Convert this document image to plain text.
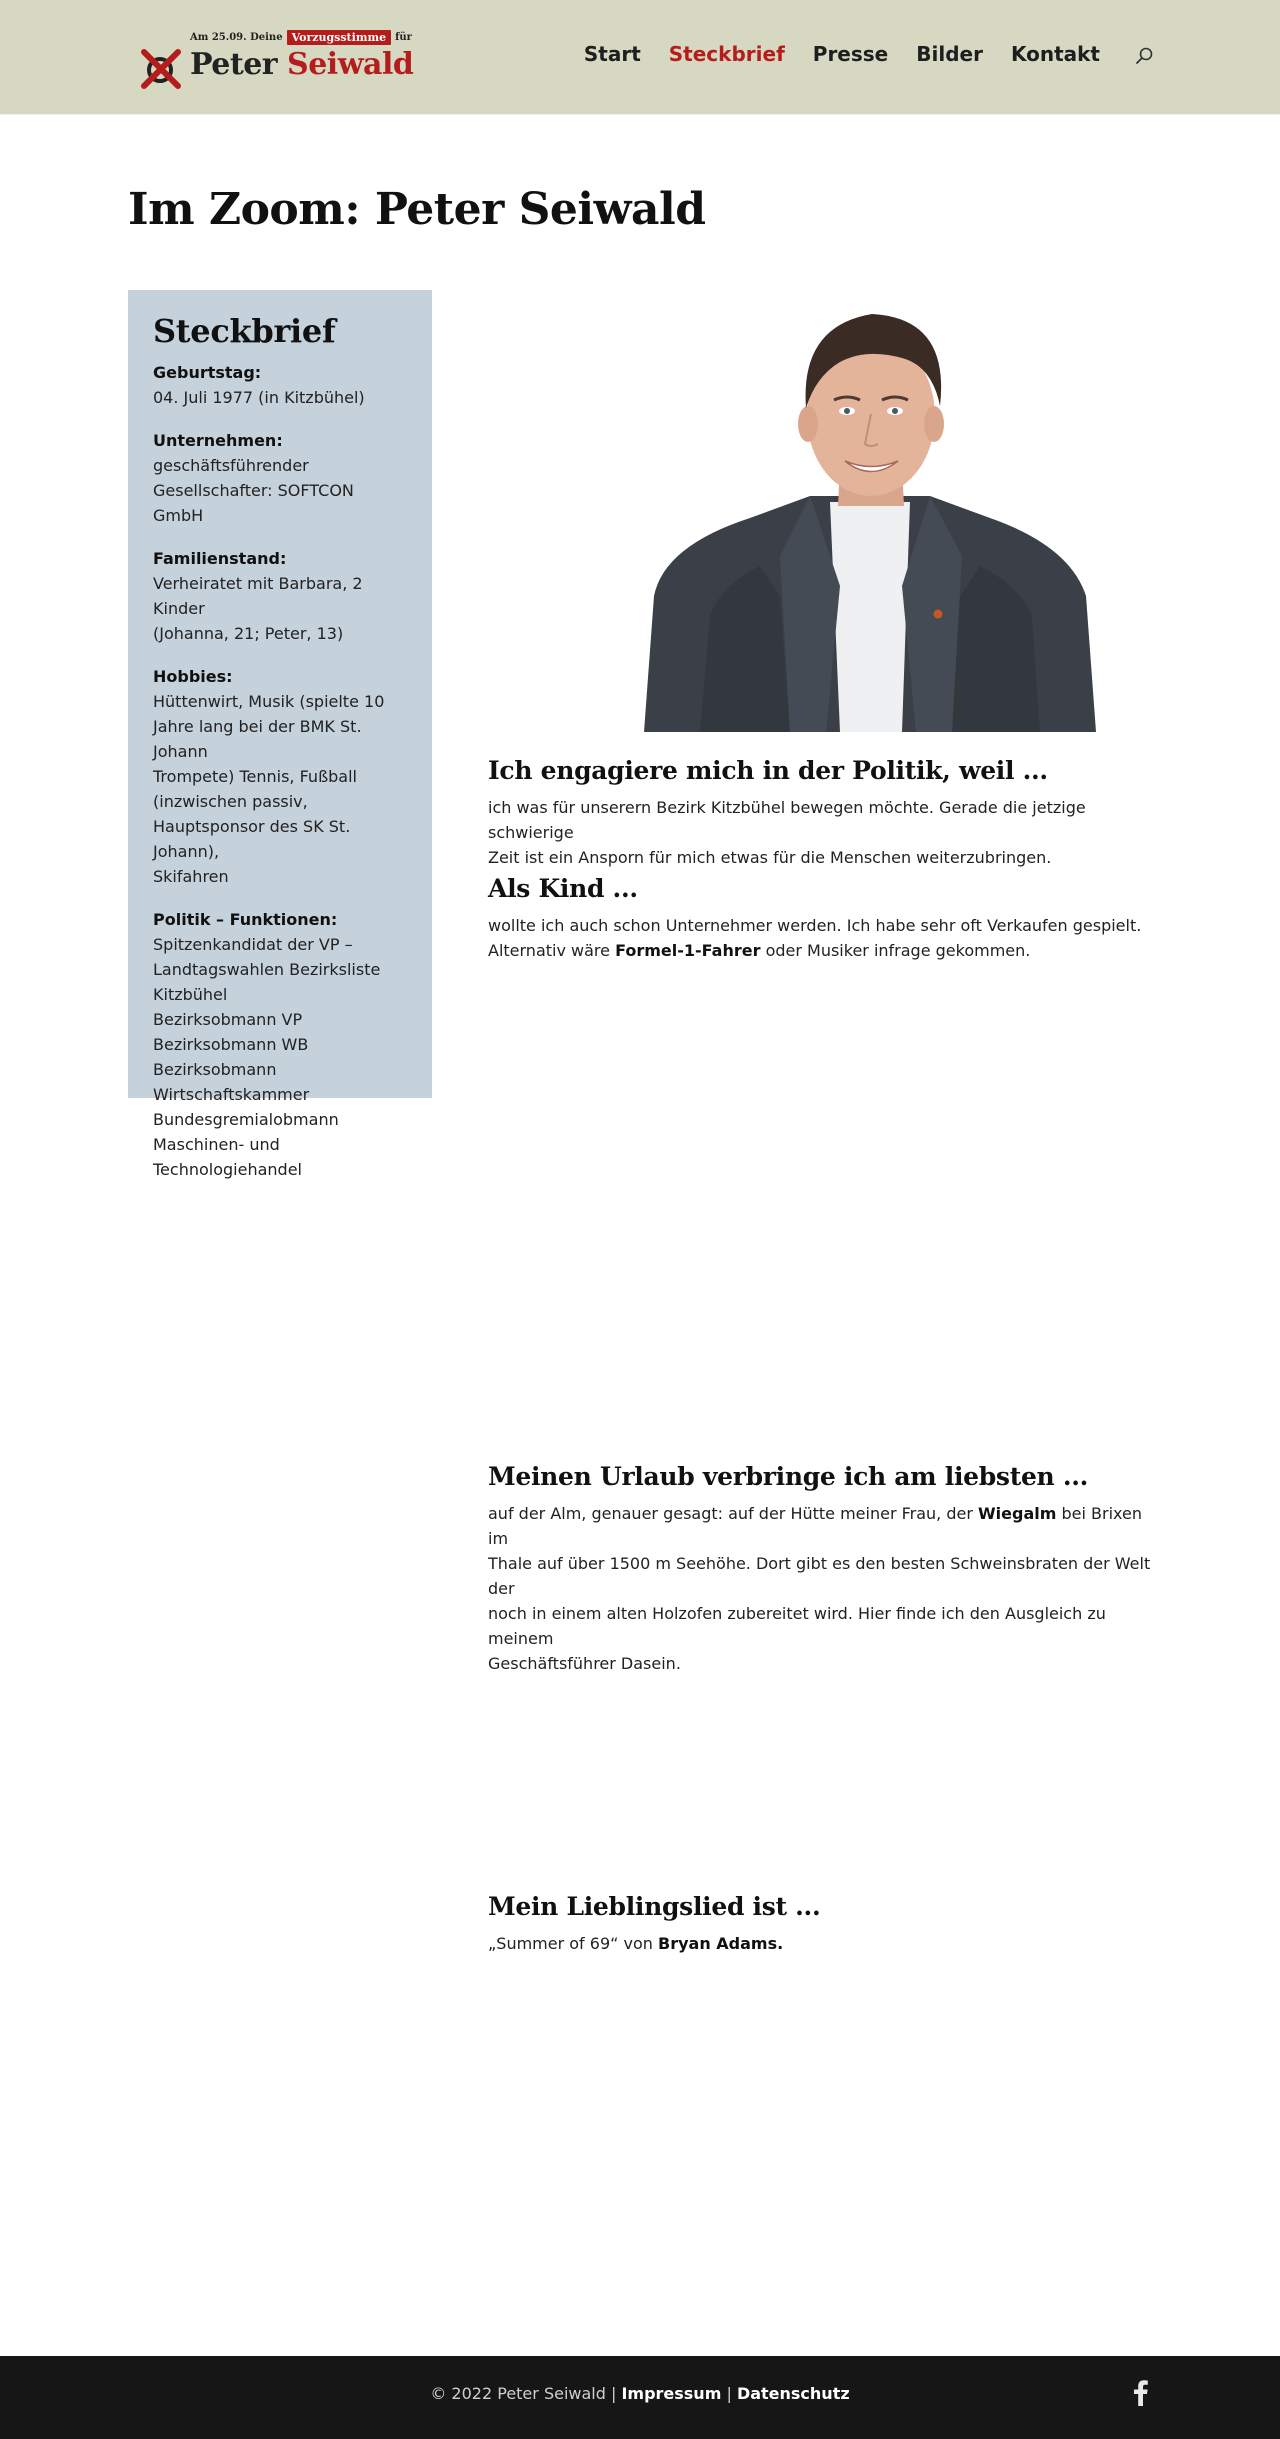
Am 25.09. Deine Vorzugsstimme für
Peter Seiwald	Start Steckbrief Presse Bilder Kontakt
Im Zoom: Peter Seiwald
Steckbrief
Geburtstag:
04. Juli 1977 (in Kitzbühel)
Unternehmen:
geschäftsführender
Gesellschafter: SOFTCON GmbH
Familienstand:
Verheiratet mit Barbara, 2 Kinder
(Johanna, 21; Peter, 13)
Hobbies:
Hüttenwirt, Musik (spielte 10
Jahre lang bei der BMK St. Johann
Trompete) Tennis, Fußball
(inzwischen passiv,
Hauptsponsor des SK St. Johann),
Skifahren
Politik – Funktionen:
Spitzenkandidat der VP –
Landtagswahlen Bezirksliste
Kitzbühel
Bezirksobmann VP
Bezirksobmann WB
Bezirksobmann
Wirtschaftskammer
Bundesgremialobmann
Maschinen- und
Technologiehandel
Ich engagiere mich in der Politik, weil ...

ich was für unserern Bezirk Kitzbühel bewegen möchte. Gerade die jetzige schwierige
Zeit ist ein Ansporn für mich etwas für die Menschen weiterzubringen.

Als Kind ...

wollte ich auch schon Unternehmer werden. Ich habe sehr oft Verkaufen gespielt.
Alternativ wäre Formel-1-Fahrer oder Musiker infrage gekommen.

Meinen Urlaub verbringe ich am liebsten ...

auf der Alm, genauer gesagt: auf der Hütte meiner Frau, der Wiegalm bei Brixen im
Thale auf über 1500 m Seehöhe. Dort gibt es den besten Schweinsbraten der Welt der
noch in einem alten Holzofen zubereitet wird. Hier finde ich den Ausgleich zu meinem
Geschäftsführer Dasein.

Mein Lieblingslied ist ...

„Summer of 69“ von Bryan Adams.

© 2022 Peter Seiwald | Impressum | Datenschutz
